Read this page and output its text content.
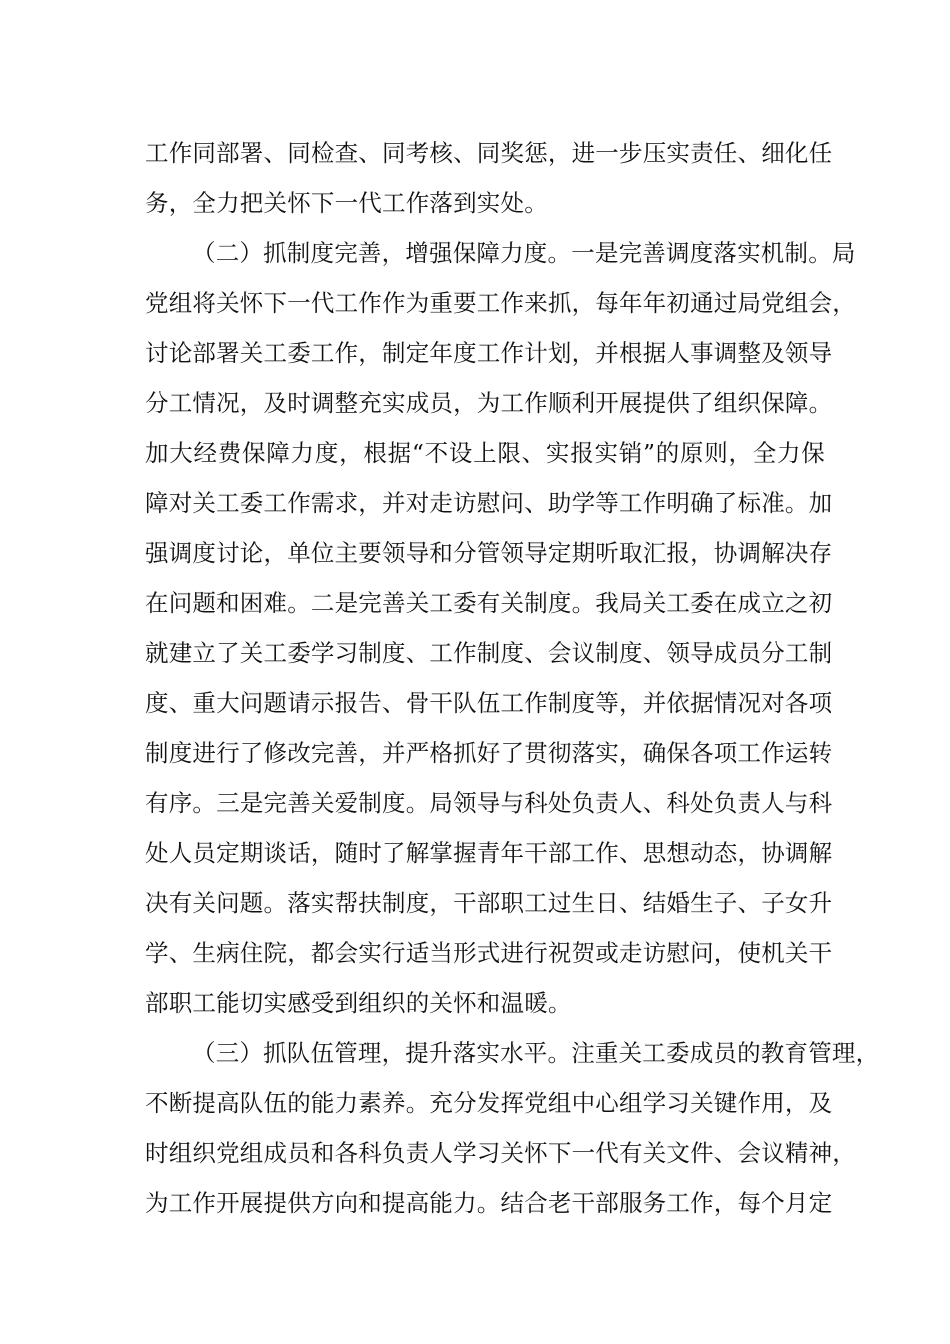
工作同部署、同检查、同考核、同奖惩，进一步压实责任、细化任
务，全力把关怀下一代工作落到实处。
（二）抓制度完善，增强保障力度。一是完善调度落实机制。局
党组将关怀下一代工作作为重要工作来抓，每年年初通过局党组会，
讨论部署关工委工作，制定年度工作计划，并根据人事调整及领导
分工情况，及时调整充实成员，为工作顺利开展提供了组织保障。
加大经费保障力度，根据“不设上限、实报实销”的原则，全力保
障对关工委工作需求，并对走访慰问、助学等工作明确了标准。加
强调度讨论，单位主要领导和分管领导定期听取汇报，协调解决存
在问题和困难。二是完善关工委有关制度。我局关工委在成立之初
就建立了关工委学习制度、工作制度、会议制度、领导成员分工制
度、重大问题请示报告、骨干队伍工作制度等，并依据情况对各项
制度进行了修改完善，并严格抓好了贯彻落实，确保各项工作运转
有序。三是完善关爱制度。局领导与科处负责人、科处负责人与科
处人员定期谈话，随时了解掌握青年干部工作、思想动态，协调解
决有关问题。落实帮扶制度，干部职工过生日、结婚生子、子女升
学、生病住院，都会实行适当形式进行祝贺或走访慰问，使机关干
部职工能切实感受到组织的关怀和温暖。
（三）抓队伍管理，提升落实水平。注重关工委成员的教育管理，
不断提高队伍的能力素养。充分发挥党组中心组学习关键作用，及
时组织党组成员和各科负责人学习关怀下一代有关文件、会议精神，
为工作开展提供方向和提高能力。结合老干部服务工作，每个月定
